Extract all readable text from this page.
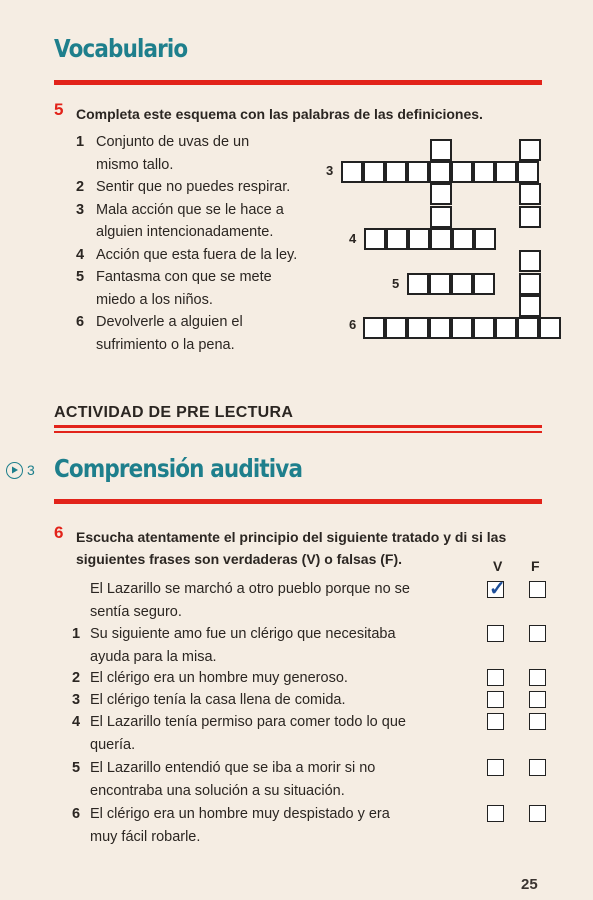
Vocabulario
5 Completa este esquema con las palabras de las definiciones.
1 Conjunto de uvas de un
mismo tallo.
2 Sentir que no puedes respirar.
3 Mala acción que se le hace a
alguien intencionadamente.
4 Acción que esta fuera de la ley.
5 Fantasma con que se mete
miedo a los niños.
6 Devolverle a alguien el
sufrimiento o la pena.
3
4
5
6
ACTIVIDAD DE PRE LECTURA
3 Comprensión auditiva
6 Escucha atentamente el principio del siguiente tratado y di si las
siguientes frases son verdaderas (V) o falsas (F).	V F
El Lazarillo se marchó a otro pueblo porque no se
sentía seguro.
1 Su siguiente amo fue un clérigo que necesitaba
ayuda para la misa.
2 El clérigo era un hombre muy generoso.
3 El clérigo tenía la casa llena de comida.
4 El Lazarillo tenía permiso para comer todo lo que
quería.
5 El Lazarillo entendió que se iba a morir si no
encontraba una solución a su situación.
6 El clérigo era un hombre muy despistado y era
muy fácil robarle.
✓
25
